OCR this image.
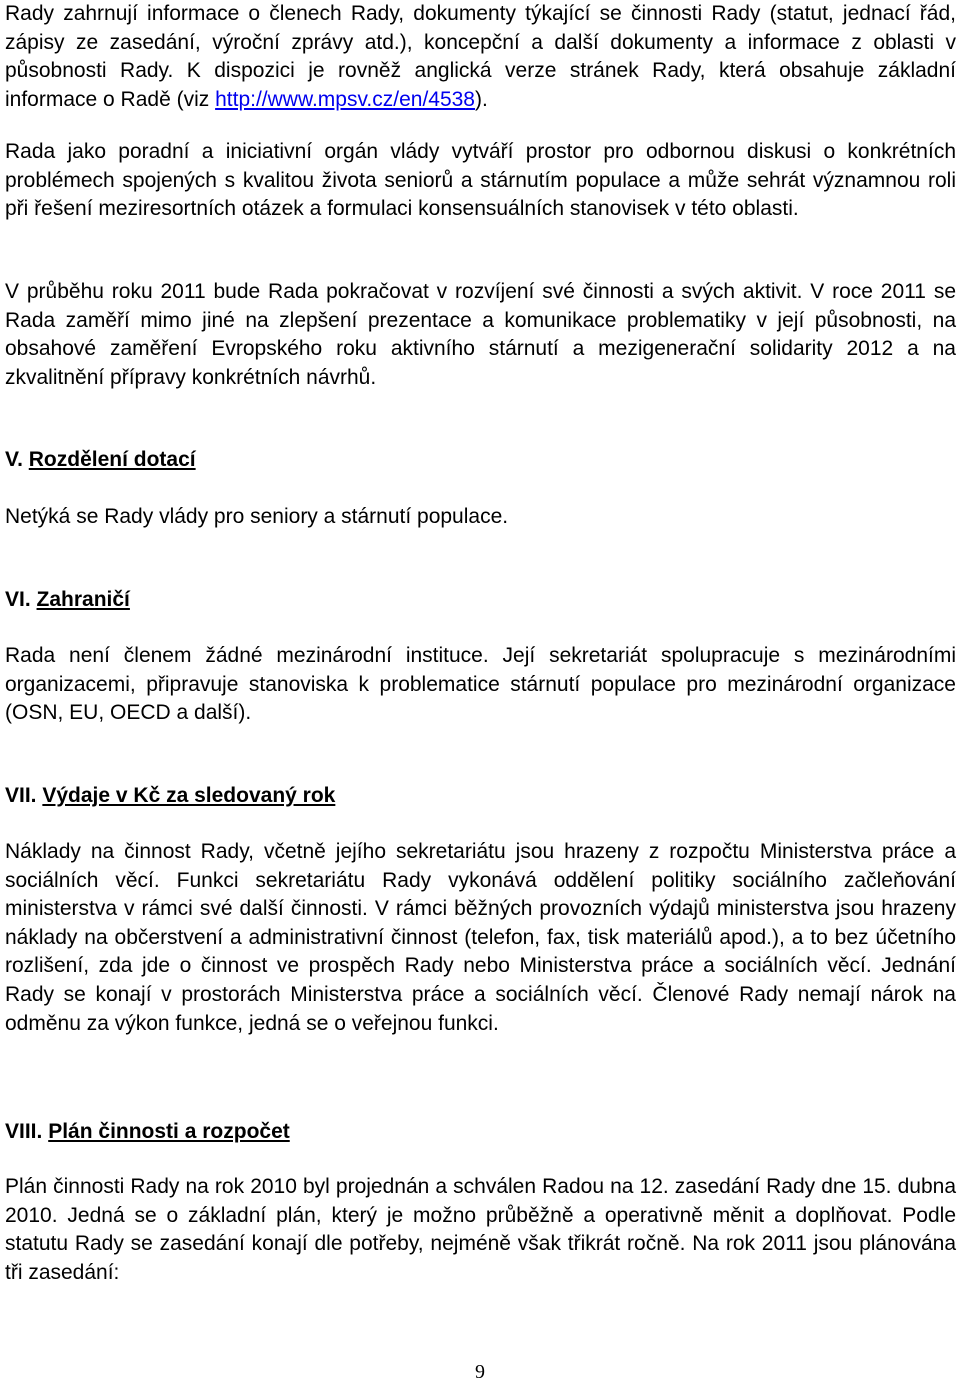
Rady zahrnují informace o členech Rady, dokumenty týkající se činnosti Rady (statut, jednací řád, zápisy ze zasedání, výroční zprávy atd.), koncepční a další dokumenty a informace z oblasti v působnosti Rady. K dispozici je rovněž anglická verze stránek Rady, která obsahuje základní informace o Radě (viz http://www.mpsv.cz/en/4538).

Rada jako poradní a iniciativní orgán vlády vytváří prostor pro odbornou diskusi o konkrétních problémech spojených s kvalitou života seniorů a stárnutím populace a může sehrát významnou roli při řešení meziresortních otázek a formulaci konsensuálních stanovisek v této oblasti.

V průběhu roku 2011 bude Rada pokračovat v rozvíjení své činnosti a svých aktivit. V roce 2011 se Rada zaměří mimo jiné na zlepšení prezentace a komunikace problematiky v její působnosti, na obsahové zaměření Evropského roku aktivního stárnutí a mezigenerační solidarity 2012 a na zkvalitnění přípravy konkrétních návrhů.

V. Rozdělení dotací

Netýká se Rady vlády pro seniory a stárnutí populace.

VI. Zahraničí

Rada není členem žádné mezinárodní instituce. Její sekretariát spolupracuje s mezinárodními organizacemi, připravuje stanoviska k problematice stárnutí populace pro mezinárodní organizace (OSN, EU, OECD a další).

VII. Výdaje v Kč za sledovaný rok

Náklady na činnost Rady, včetně jejího sekretariátu jsou hrazeny z rozpočtu Ministerstva práce a sociálních věcí. Funkci sekretariátu Rady vykonává oddělení politiky sociálního začleňování ministerstva v rámci své další činnosti. V rámci běžných provozních výdajů ministerstva jsou hrazeny náklady na občerstvení a administrativní činnost (telefon, fax, tisk materiálů apod.), a to bez účetního rozlišení, zda jde o činnost ve prospěch Rady nebo Ministerstva práce a sociálních věcí. Jednání Rady se konají v prostorách Ministerstva práce a sociálních věcí. Členové Rady nemají nárok na odměnu za výkon funkce, jedná se o veřejnou funkci.

VIII. Plán činnosti a rozpočet

Plán činnosti Rady na rok 2010 byl projednán a schválen Radou na 12. zasedání Rady dne 15. dubna 2010. Jedná se o základní plán, který je možno průběžně a operativně měnit a doplňovat. Podle statutu Rady se zasedání konají dle potřeby, nejméně však třikrát ročně. Na rok 2011 jsou plánována tři zasedání:

9
